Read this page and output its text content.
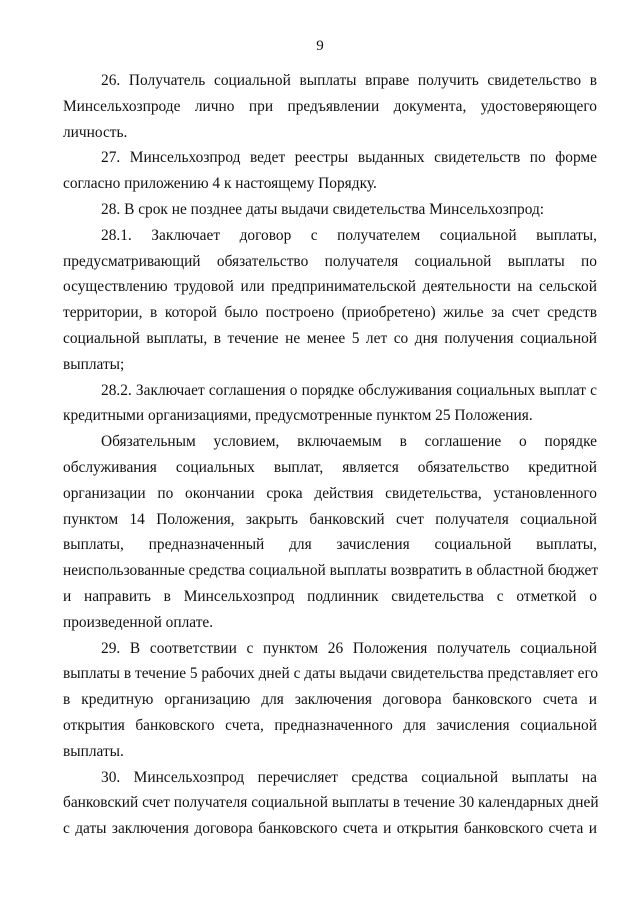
9
26. Получатель социальной выплаты вправе получить свидетельство в
Минсельхозпроде лично при предъявлении документа, удостоверяющего
личность.
27. Минсельхозпрод ведет реестры выданных свидетельств по форме
согласно приложению 4 к настоящему Порядку.
28. В срок не позднее даты выдачи свидетельства Минсельхозпрод:
28.1. Заключает договор с получателем социальной выплаты,
предусматривающий обязательство получателя социальной выплаты по
осуществлению трудовой или предпринимательской деятельности на сельской
территории, в которой было построено (приобретено) жилье за счет средств
социальной выплаты, в течение не менее 5 лет со дня получения социальной
выплаты;
28.2. Заключает соглашения о порядке обслуживания социальных выплат с
кредитными организациями, предусмотренные пунктом 25 Положения.
Обязательным условием, включаемым в соглашение о порядке
обслуживания социальных выплат, является обязательство кредитной
организации по окончании срока действия свидетельства, установленного
пунктом 14 Положения, закрыть банковский счет получателя социальной
выплаты, предназначенный для зачисления социальной выплаты,
неиспользованные средства социальной выплаты возвратить в областной бюджет
и направить в Минсельхозпрод подлинник свидетельства с отметкой о
произведенной оплате.
29. В соответствии с пунктом 26 Положения получатель социальной
выплаты в течение 5 рабочих дней с даты выдачи свидетельства представляет его
в кредитную организацию для заключения договора банковского счета и
открытия банковского счета, предназначенного для зачисления социальной
выплаты.
30. Минсельхозпрод перечисляет средства социальной выплаты на
банковский счет получателя социальной выплаты в течение 30 календарных дней
с даты заключения договора банковского счета и открытия банковского счета и
